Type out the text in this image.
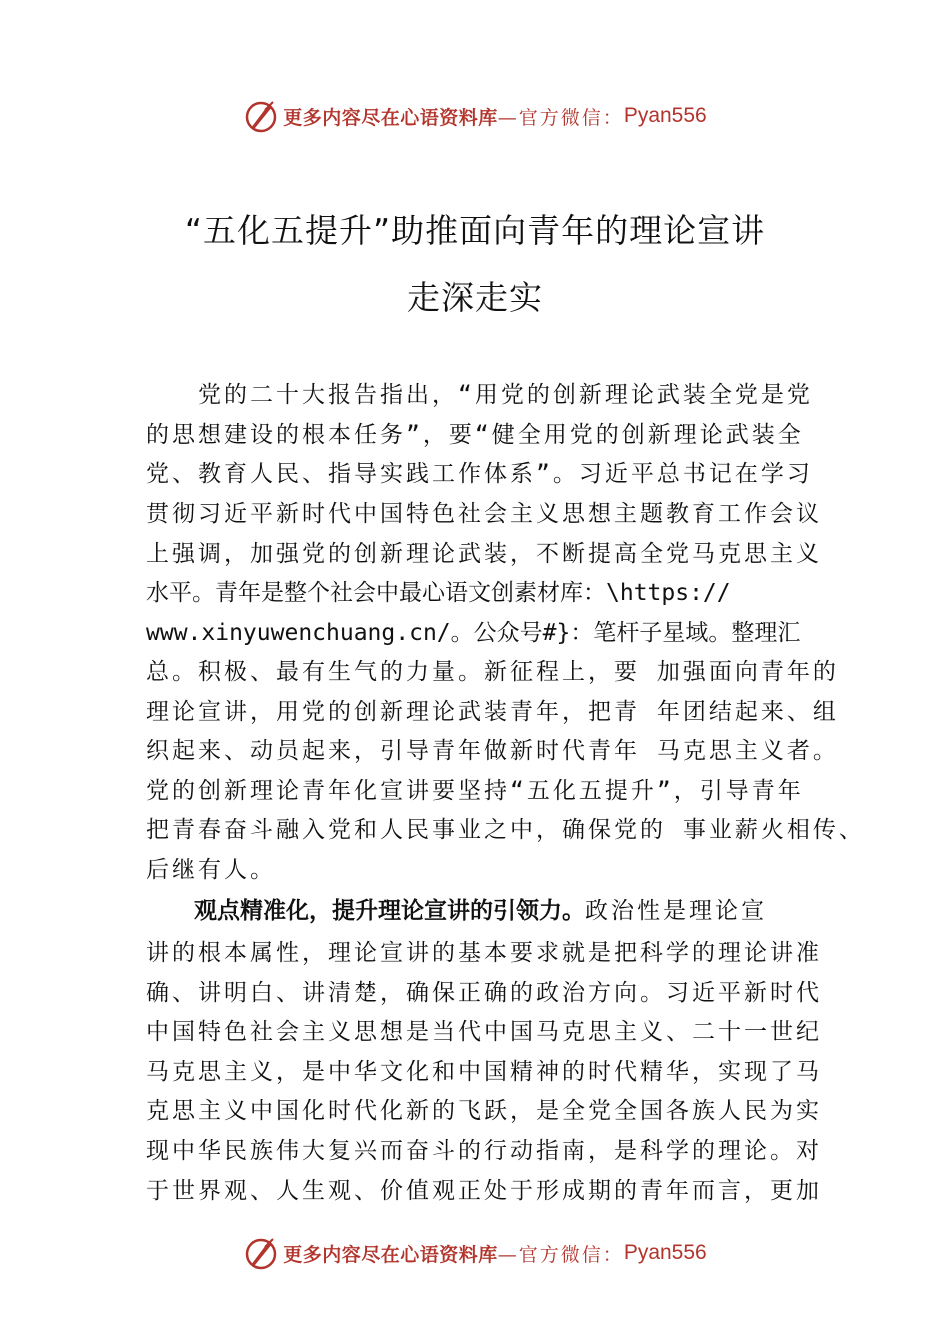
更多内容尽在心语资料库 —官方微信： Pyan556
“五化五提升”助推面向青年的理论宣讲
走深走实
　　党的二十大报告指出，“用党的创新理论武装全党是党
的思想建设的根本任务”，要“健全用党的创新理论武装全
党、教育人民、指导实践工作体系”。习近平总书记在学习
贯彻习近平新时代中国特色社会主义思想主题教育工作会议
上强调，加强党的创新理论武装，不断提高全党马克思主义
水平。青年是整个社会中最心语文创素材库：\https://
www.xinyuwenchuang.cn/。公众号#}：笔杆子星域。整理汇
总。积极、最有生气的力量。新征程上，要 加强面向青年的
理论宣讲，用党的创新理论武装青年，把青 年团结起来、组
织起来、动员起来，引导青年做新时代青年 马克思主义者。
党的创新理论青年化宣讲要坚持“五化五提升”，引导青年
把青春奋斗融入党和人民事业之中，确保党的 事业薪火相传、
后继有人。
观点精准化，提升理论宣讲的引领力。政治性是理论宣
讲的根本属性，理论宣讲的基本要求就是把科学的理论讲准
确、讲明白、讲清楚，确保正确的政治方向。习近平新时代
中国特色社会主义思想是当代中国马克思主义、二十一世纪
马克思主义，是中华文化和中国精神的时代精华，实现了马
克思主义中国化时代化新的飞跃，是全党全国各族人民为实
现中华民族伟大复兴而奋斗的行动指南，是科学的理论。对
于世界观、人生观、价值观正处于形成期的青年而言，更加
更多内容尽在心语资料库 —官方微信： Pyan556
